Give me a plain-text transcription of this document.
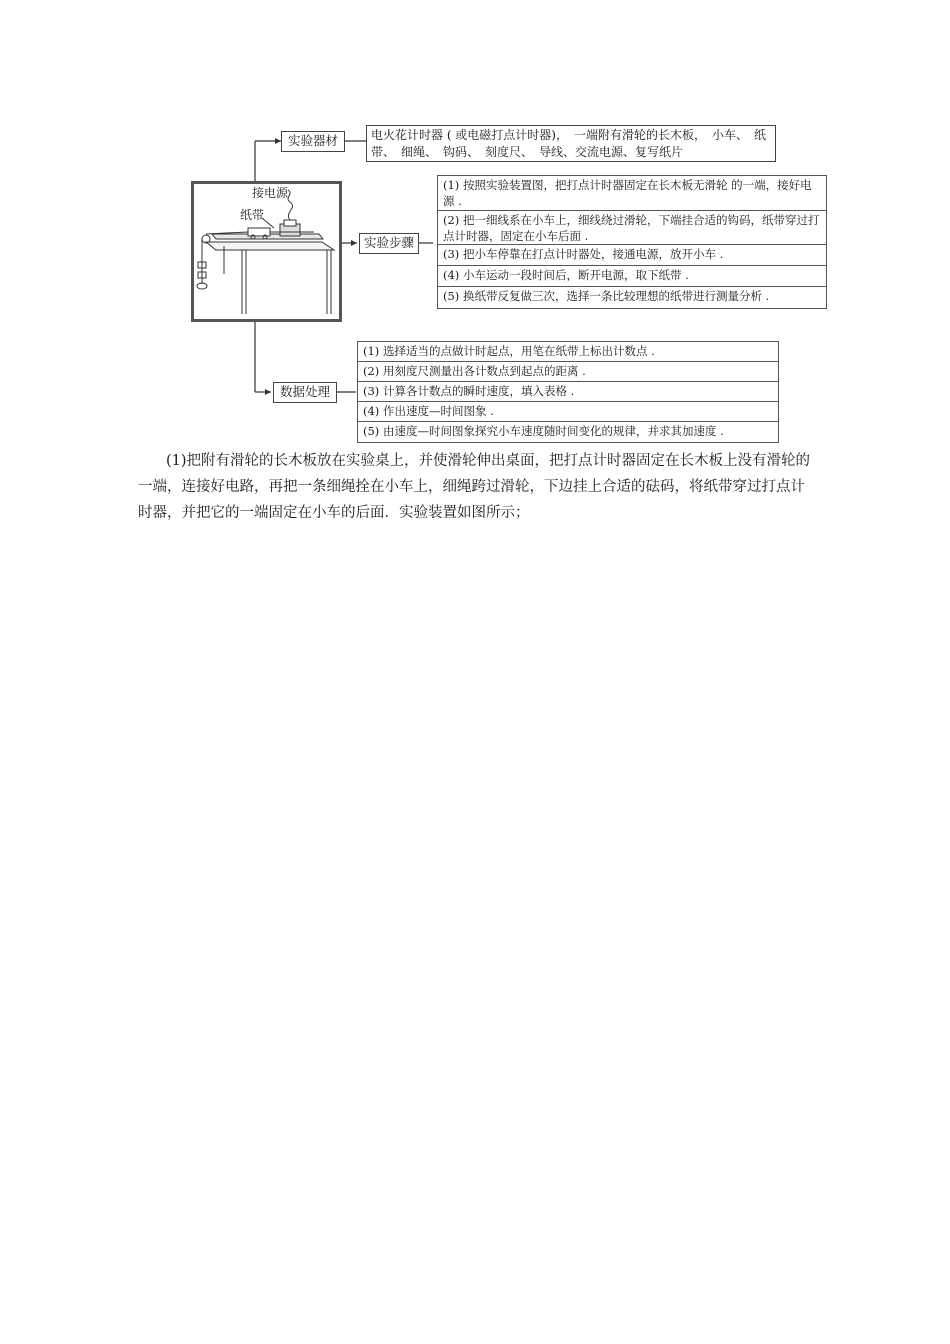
实验器材	电火花计时器 ( 或电磁打点计时器)，　一端附有滑轮的长木板，　小车、　纸带、　细绳、　钩码、　刻度尺、　导线、交流电源、复写纸片
接电源
纸带
实验步骤
(1) 按照实验装置图，把打点计时器固定在长木板无滑轮 的一端，接好电源 .
(2) 把一细线系在小车上，细线绕过滑轮，下端挂合适的钩码，纸带穿过打点计时器，固定在小车后面 .
(3) 把小车停靠在打点计时器处，接通电源，放开小车 .
(4) 小车运动一段时间后，断开电源，取下纸带 .
(5) 换纸带反复做三次，选择一条比较理想的纸带进行测量分析 .
数据处理
(1) 选择适当的点做计时起点，用笔在纸带上标出计数点 .
(2) 用刻度尺测量出各计数点到起点的距离 .
(3) 计算各计数点的瞬时速度，填入表格 .
(4) 作出速度—时间图象 .
(5) 由速度—时间图象探究小车速度随时间变化的规律，并求其加速度 .

(1)把附有滑轮的长木板放在实验桌上，并使滑轮伸出桌面，把打点计时器固定在长木板上没有滑轮的一端，连接好电路，再把一条细绳拴在小车上，细绳跨过滑轮，下边挂上合适的砝码，将纸带穿过打点计时器，并把它的一端固定在小车的后面．实验装置如图所示；
